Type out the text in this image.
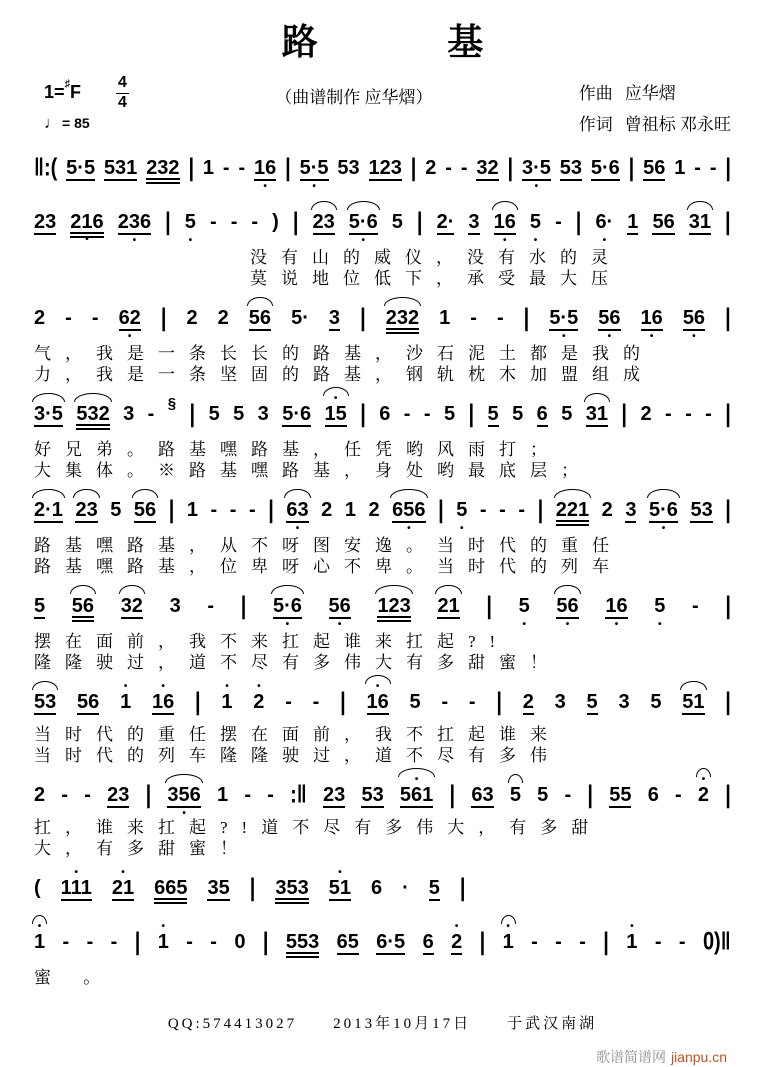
路基
$1=^♯F \frac{4}{4}$
♩ = 85
（曲谱制作 应华熠）	作曲 应华熠
作词 曾祖标 邓永旺
‖:( 5·5 531 232 | 1 - - 16 • | 5·5 • 53 123 | 2 - - 32 | 3·5 • 53 5·6 | 56 1 - - |
23 216 • 236 • | 5 • - - - ) | 23 5·6 • 5 | 2· 3 16 • 5 • - | 6· • 1 56 31 |
没有山的威仪，没有水的灵
莫说地位低下，承受最大压
2 - - 62 • | 2 2 56 5· 3 | 232 1 - - | 5·5 • 56 • 16 • 56 • |
气，我是一条长长的路基，沙石泥土都是我的
力，我是一条坚固的路基，钢轨枕木加盟组成
3·5 532 3 - § | 5 5 3 5·6 • 15 | 6 - - 5 | 5 5 6 5 31 | 2 - - - |
好兄弟。路基嘿路基，任凭哟风雨打；
大集体。※路基嘿路基，身处哟最底层；
2·1 23 5 56 | 1 - - - | 63 • 2 1 2 656 • | 5 • - - - | 221 2 3 5·6 • 53 |
路基嘿路基，从不呀图安逸。当时代的重任
路基嘿路基，位卑呀心不卑。当时代的列车
5 56 32 3 - | 5·6 • 56 • 123 21 | 5 • 56 • 16 • 5 • - |
摆在面前，我不来扛起谁来扛起?!
隆隆驶过，道不尽有多伟大有多甜蜜！
53 56 • 1 • 16 | • 1 • 2 - - | • 16 5 - - | 2 3 5 3 5 51 |
当时代的重任摆在面前，我不扛起谁来
当时代的列车隆隆驶过，道不尽有多伟
2 - - 23 | 356 • 1 - - :‖ 23 53 • 561 | 63 5 5 - | 55 6 - • 2 |
扛，谁来扛起?!道不尽有多伟大，有多甜
大，有多甜蜜！
( • 111 • 21 665 35 | 353 • 51 6 · 5 |
• 1 - - - | • 1 - - 0 | 553 65 6·5 6 • 2 | • 1 - - - | • 1 - - 0)‖
蜜 。
QQ:574413027　　2013年10月17日　　于武汉南湖
歌谱简谱网 jianpu.cn
